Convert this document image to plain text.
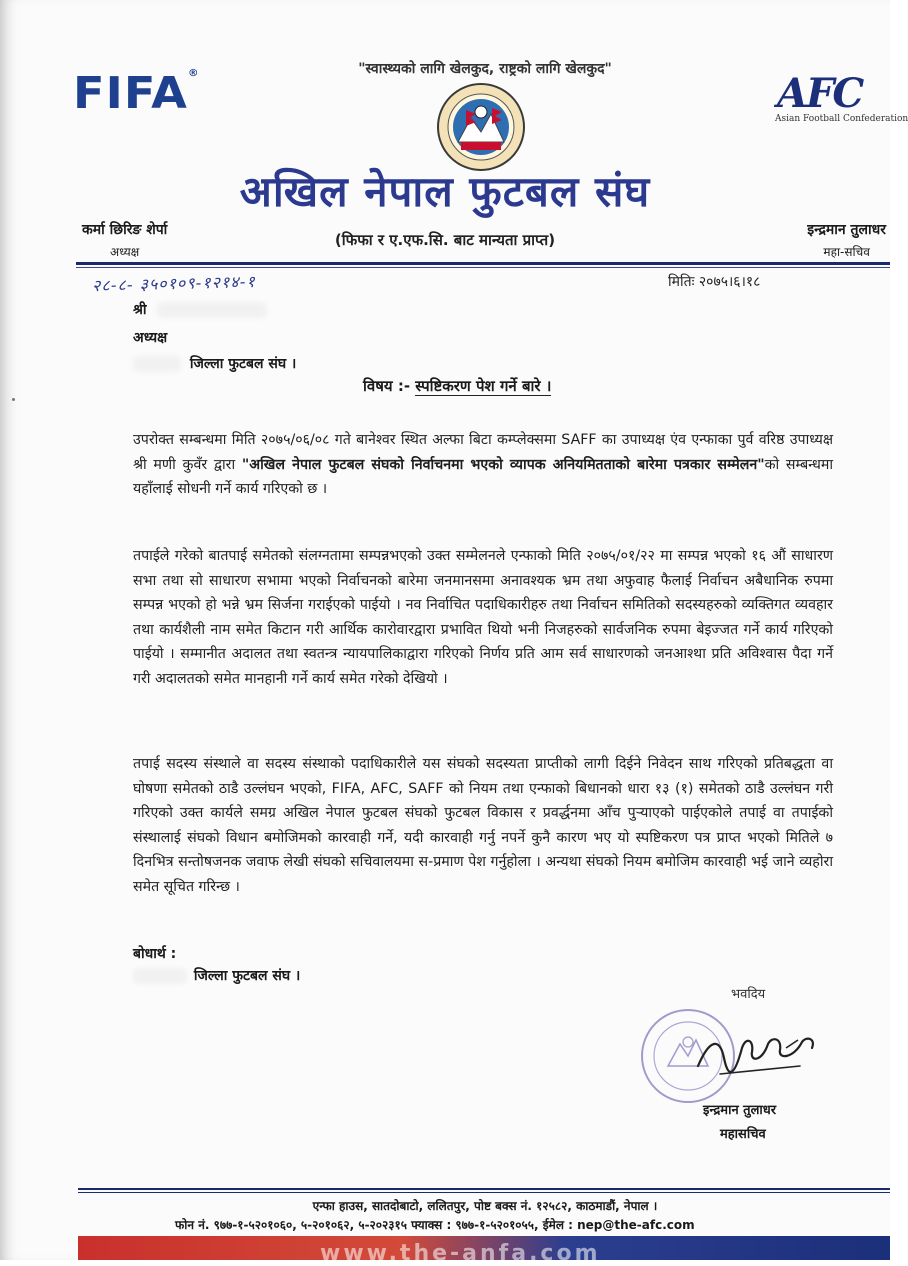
FIFA®	"स्वास्थ्यको लागि खेलकुद, राष्ट्रको लागि खेलकुद"
AFC
Asian Football Confederation
अखिल नेपाल फुटबल संघ
कर्मा छिरिङ शेर्पा
अध्यक्ष
(फिफा र ए.एफ.सि. बाट मान्यता प्राप्त)
इन्द्रमान तुलाधर
महा-सचिव
२८-८- ३५०१०९-१२१४-१	मितिः २०७५।६।१८
श्री
अध्यक्ष
जिल्ला फुटबल संघ ।
विषय :- स्पष्टिकरण पेश गर्ने बारे ।
उपरोक्त सम्बन्धमा मिति २०७५/०६/०८ गते बानेश्वर स्थित अल्फा बिटा कम्प्लेक्समा SAFF का उपाध्यक्ष एंव एन्फाका पुर्व वरिष्ठ उपाध्यक्ष श्री मणी कुवँर द्वारा "अखिल नेपाल फुटबल संघको निर्वाचनमा भएको व्यापक अनियमितताको बारेमा पत्रकार सम्मेलन"को सम्बन्धमा यहाँलाई सोधनी गर्ने कार्य गरिएको छ ।
तपाईले गरेको बातपाई समेतको संलग्नतामा सम्पन्नभएको उक्त सम्मेलनले एन्फाको मिति २०७५/०१/२२ मा सम्पन्न भएको १६ औं साधारण सभा तथा सो साधारण सभामा भएको निर्वाचनको बारेमा जनमानसमा अनावश्यक भ्रम तथा अफुवाह फैलाई निर्वाचन अबैधानिक रुपमा सम्पन्न भएको हो भन्ने भ्रम सिर्जना गराईएको पाईयो । नव निर्वाचित पदाधिकारीहरु तथा निर्वाचन समितिको सदस्यहरुको व्यक्तिगत व्यवहार तथा कार्यशैली नाम समेत किटान गरी आर्थिक कारोवारद्वारा प्रभावित थियो भनी निजहरुको सार्वजनिक रुपमा बेइज्जत गर्ने कार्य गरिएको पाईयो । सम्मानीत अदालत तथा स्वतन्त्र न्यायपालिकाद्वारा गरिएको निर्णय प्रति आम सर्व साधारणको जनआश्था प्रति अविश्वास पैदा गर्ने गरी अदालतको समेत मानहानी गर्ने कार्य समेत गरेको देखियो ।
तपाई सदस्य संस्थाले वा सदस्य संस्थाको पदाधिकारीले यस संघको सदस्यता प्राप्तीको लागी दिईने निवेदन साथ गरिएको प्रतिबद्धता वा घोषणा समेतको ठाडै उल्लंघन भएको, FIFA, AFC, SAFF को नियम तथा एन्फाको बिधानको धारा १३ (१) समेतको ठाडै उल्लंघन गरी गरिएको उक्त कार्यले समग्र अखिल नेपाल फुटबल संघको फुटबल विकास र प्रवर्द्धनमा आँच पुऱ्याएको पाईएकोले तपाई वा तपाईको संस्थालाई संघको विधान बमोजिमको कारवाही गर्ने, यदी कारवाही गर्नु नपर्ने कुनै कारण भए यो स्पष्टिकरण पत्र प्राप्त भएको मितिले ७ दिनभित्र सन्तोषजनक जवाफ लेखी संघको सचिवालयमा स-प्रमाण पेश गर्नुहोला । अन्यथा संघको नियम बमोजिम कारवाही भई जाने व्यहोरा समेत सूचित गरिन्छ ।
बोधार्थ :
जिल्ला फुटबल संघ ।
भवदिय
इन्द्रमान तुलाधर
महासचिव
एन्फा हाउस, सातदोबाटो, ललितपुर, पोष्ट बक्स नं. १२५८२, काठमाडौं, नेपाल ।
फोन नं. ९७७-१-५२०१०६०, ५-२०१०६२, ५-२०२३१५ फ्याक्स : ९७७-१-५२०१०५५, ईमेल : nep@the-afc.com
www.the-anfa.com
